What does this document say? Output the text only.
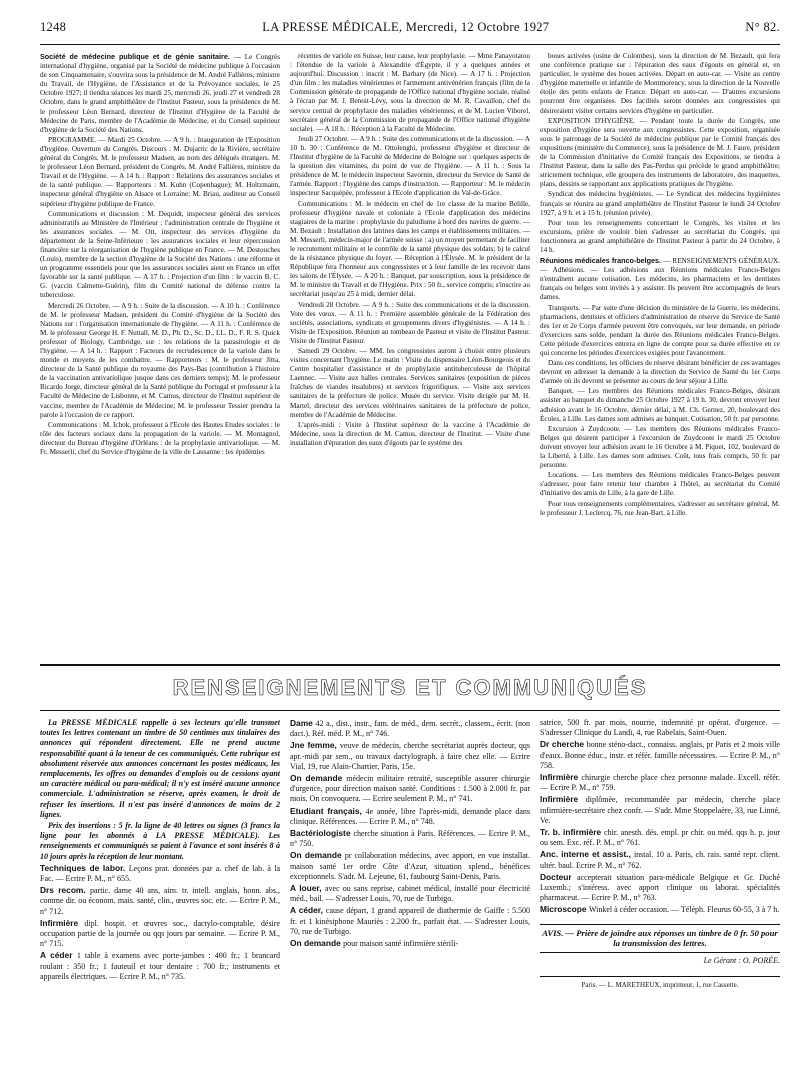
1248	LA PRESSE MÉDICALE, Mercredi, 12 Octobre 1927	N° 82.

Société de médecine publique et de génie sanitaire. — Le Congrès international d'hygiène, organisé par la Société de médecine publique à l'occasion de son Cinquantenaire, s'ouvrira sous la présidence de M. André Fallières, ministre du Travail, de l'Hygiène, de l'Assistance et de la Prévoyance sociales, le 25 Octobre 1927; il tiendra séances les mardi 25, mercredi 26, jeudi 27 et vendredi 28 Octobre, dans le grand amphithéâtre de l'Institut Pasteur, sous la présidence de M. le professeur Léon Bernard, directeur de l'Institut d'Hygiène de la Faculté de Médecine de Paris, membre de l'Académie de Médecine, et du Conseil supérieur d'hygiène de la Société des Nations.

PROGRAMME. — Mardi 25 Octobre. — A 9 h. : Inauguration de l'Exposition d'hygiène. Ouverture du Congrès. Discours : M. Dujarric de la Rivière, secrétaire général du Congrès. M. le professeur Madsen, au nom des délégués étrangers. M. le professeur Léon Bernard, président du Congrès. M. André Fallières, ministre du Travail et de l'Hygiène. — A 14 h. : Rapport : Relations des assurances sociales et de la santé publique. — Rapporteurs : M. Kuhn (Copenhague); M. Holtzmann, inspecteur général d'hygiène en Alsace et Lorraine; M. Briau, auditeur au Conseil supérieur d'hygiène publique de France.

Communications et discussion : M. Dequidt, inspecteur général des services administratifs au Ministère de l'Intérieur : l'administration centrale de l'hygiène et les assurances sociales. — M. Ott, inspecteur des services d'hygiène du département de la Seine-Inférieure : les assurances sociales et leur répercussion financière sur la réorganisation de l'hygiène publique en France. — M. Destouches (Louis), membre de la section d'hygiène de la Société des Nations : une réforme et un programme essentiels pour que les assurances sociales aient en France un effet favorable sur la santé publique. — A 17 h. : Projection d'un film : le vaccin B. C. G. (vaccin Calmette-Guérin), film du Comité national de défense contre la tuberculose.

Mercredi 26 Octobre. — A 9 h. : Suite de la discussion. — A 10 h. : Conférence de M. le professeur Madsen, président du Comité d'hygiène de la Société des Nations sur : l'organisation internationale de l'hygiène. — A 11 h. : Conférence de M. le professeur George H. F. Nuttall, M. D., Ph. D., Sc. D., LL. D., F. R. S. Quick professor of Biology, Cambridge, sur : les relations de la parasitologie et de l'hygiène. — A 14 h. : Rapport : Facteurs de recrudescence de la variole dans le monde et moyens de les combattre. — Rapporteurs : M. le professeur Jitta, directeur de la Santé publique du royaume des Pays-Bas (contribution à l'histoire de la vaccination antivariolique jusque dans ces derniers temps); M. le professeur Ricardo Jorge, directeur général de la Santé publique du Portugal et professeur à la Faculté de Médecine de Lisbonne, et M. Camus, directeur de l'Institut supérieur de vaccine, membre de l'Académie de Médecine; M. le professeur Tessier prendra la parole à l'occasion de ce rapport.

Communications : M. Ichok, professeur à l'Ecole des Hautes Etudes sociales : le rôle des facteurs sociaux dans la propagation de la variole. — M. Montagnol, directeur du Bureau d'hygiène d'Orléans : de la prophylaxie antivariolique. — M. Fr. Messerli, chef du Service d'hygiène de la ville de Lausanne : les épidémies

récentes de variole en Suisse, leur cause, leur prophylaxie. — Mme Panayotatou : l'étendue de la variole à Alexandrie d'Égypte, il y a quelques années et aujourd'hui. Discussion : inscrit : M. Barbary (de Nice). — A 17 h. : Projection d'un film : les maladies vénériennes et l'armement antivénérien français (film de la Commission générale de propagande de l'Office national d'hygiène sociale, réalisé à l'écran par M. J. Benoit-Lévy, sous la direction de M. R. Cavaillon, chef du service central de prophylaxie des maladies vénériennes, et de M. Lucien Viborel, secrétaire général de la Commission de propagande de l'Office national d'hygiène sociale). — A 18 h. : Réception à la Faculté de Médecine.

Jeudi 27 Octobre. — A 9 h. : Suite des communications et de la discussion. — A 10 h. 30 : Conférence de M. Ottolenghi, professeur d'hygiène et directeur de l'Institut d'hygiène de la Faculté de Médecine de Bologne sur : quelques aspects de la question des vitamines, du point de vue de l'hygiène. — A 11 h. : Sous la présidence de M. le médecin inspecteur Savornin, directeur du Service de Santé de l'armée. Rapport : l'hygiène des camps d'instruction. — Rapporteur : M. le médecin inspecteur Sacquépée, professeur à l'Ecole d'application du Val-de-Grâce.

Communications : M. le médecin en chef de 1re classe de la marine Belille, professeur d'hygiène navale et coloniale à l'Ecole d'application des médecins stagiaires de la marine : prophylaxie du paludisme à bord des navires de guerre. — M. Bezault : Installation des latrines dans les camps et établissements militaires. — M. Messerli, médecin-major de l'armée suisse : a) un moyen permettant de faciliter le recrutement militaire et le contrôle de la santé physique des soldats; b) le calcul de la résistance physique du foyer. — Réception à l'Élysée. M. le président de la République fera l'honneur aux congressistes et à leur famille de les recevoir dans les salons de l'Élysée. — A 20 h. : Banquet, par souscription, sous la présidence de M. le ministre du Travail et de l'Hygiène. Prix : 50 fr., service compris; s'inscrire au secrétariat jusqu'au 25 à midi, dernier délai.

Vendredi 28 Octobre. — A 9 h. : Suite des communications et de la discussion. Vote des vœux. — A 11 h. : Première assemblée générale de la Fédération des sociétés, associations, syndicats et groupements divers d'hygiénistes. — A 14 h. : Visite de l'Exposition. Réunion au tombeau de Pasteur et visite de l'Institut Pasteur. Visite de l'Institut Pasteur.

Samedi 29 Octobre. — MM. les congressistes auront à choisir entre plusieurs visites concernant l'hygiène. Le matin : Visite du dispensaire Léon-Bourgeois et du Centre hospitalier d'assistance et de prophylaxie antituberculeuse de l'hôpital Laennec. — Visite aux halles centrales. Services sanitaires (exposition de pièces fraîches de viandes insalubres) et services frigorifiques. — Visite aux services sanitaires de la préfecture de police. Musée du service. Visite dirigée par M. H. Martel, directeur des services vétérinaires sanitaires de la préfecture de police, membre de l'Académie de Médecine.

L'après-midi : Visite à l'Institut supérieur de la vaccine à l'Académie de Médecine, sous la direction de M. Camus, directeur de l'Institut. — Visite d'une installation d'épuration des eaux d'égouts par le système des

boues activées (usine de Colombes), sous la direction de M. Bezault, qui fera une conférence pratique sur : l'épuration des eaux d'égouts en général et, en particulier, le système des boues activées. Départ en auto-car. — Visite au centre d'hygiène maternelle et infantile de Montmorency, sous la direction de la Nouvelle étoile des petits enfants de France. Départ en auto-car. — D'autres excursions pourront être organisées. Des facilités seront données aux congressistes qui désireraient visiter certains services d'hygiène en particulier.

EXPOSITION D'HYGIÈNE. — Pendant toute la durée du Congrès, une exposition d'hygiène sera ouverte aux congressistes. Cette exposition, organisée sous le patronage de la Société de médecine publique par le Comité français des expositions (ministère du Commerce), sous la présidence de M. J. Faure, président de la Commission d'initiative du Comité français des Expositions, se tiendra à l'Institut Pasteur, dans la salle des Pas-Perdus qui précède le grand amphithéâtre; strictement technique, elle groupera des instruments de laboratoire, des maquettes, plans, dessins se rapportant aux applications pratiques de l'hygiène.

Syndicat des médecins hygiénistes. — Le Syndicat des médecins hygiénistes français se réunira au grand amphithéâtre de l'Institut Pasteur le lundi 24 Octobre 1927, à 9 h. et à 15 h. (réunion privée).

Pour tous les renseignements concernant le Congrès, les visites et les excursions, prière de vouloir bien s'adresser au secrétariat du Congrès, qui fonctionnera au grand amphithéâtre de l'Institut Pasteur à partir du 24 Octobre, à 14 h.

Réunions médicales franco-belges. — RENSEIGNEMENTS GÉNÉRAUX. — Adhésions. — Les adhésions aux Réunions médicales Franco-Belges n'entraînent aucune cotisation. Les médecins, les pharmaciens et les dentistes français ou belges sont invités à y assister. Ils peuvent être accompagnés de leurs dames.

Transports. — Par suite d'une décision du ministère de la Guerre, les médecins, pharmaciens, dentistes et officiers d'administration de réserve du Service de Santé des 1er et 2e Corps d'armée peuvent être convoqués, sur leur demande, en période d'exercices sans solde, pendant la durée des Réunions médicales Franco-Belges. Cette période d'exercices entrera en ligne de compte pour sa durée effective en ce qui concerne les périodes d'exercices exigées pour l'avancement.

Dans ces conditions, les officiers de réserve désirant bénéficier de ces avantages devront en adresser la demande à la direction du Service de Santé du 1er Corps d'armée où ils devront se présenter au cours de leur séjour à Lille.

Banquet. — Les membres des Réunions médicales Franco-Belges, désirant assister au banquet du dimanche 25 Octobre 1927 à 19 h. 30, devront envoyer leur adhésion avant le 16 Octobre, dernier délai, à M. Ch. Gernez, 20, boulevard des Écoles, à Lille. Les dames sont admises au banquet. Cotisation, 50 fr. par personne.

Excursion à Zuydcoote. — Les membres des Réunions médicales Franco-Belges qui désirent participer à l'excursion de Zuydcoote le mardi 25 Octobre doivent envoyer leur adhésion avant le 16 Octobre à M. Piquet, 102, boulevard de la Liberté, à Lille. Les dames sont admises. Coût, tous frais compris, 50 fr. par personne.

Locations. — Les membres des Réunions médicales Franco-Belges peuvent s'adresser, pour faire retenir leur chambre à l'hôtel, au secrétariat du Comité d'initiative des amis de Lille, à la gare de Lille.

Pour tous renseignements complémentaires, s'adresser au secrétaire général, M. le professeur J. Leclercq, 76, rue Jean-Bart, à Lille.

RENSEIGNEMENTS ET COMMUNIQUÉS

La PRESSE MÉDICALE rappelle à ses lecteurs qu'elle transmet toutes les lettres contenant un timbre de 50 centimes aux titulaires des annonces qui répondent directement. Elle ne prend aucune responsabilité quant à la teneur de ces communiqués. Cette rubrique est absolument réservée aux annonces concernant les postes médicaux, les remplacements, les offres ou demandes d'emplois ou de cessions ayant un caractère médical ou para-médical; il n'y est inséré aucune annonce commerciale. L'administration se réserve, après examen, le droit de refuser les insertions. Il n'est pas inséré d'annonces de moins de 2 lignes.

Prix des insertions : 5 fr. la ligne de 40 lettres ou signes (3 francs la ligne pour les abonnés à LA PRESSE MÉDICALE). Les renseignements et communiqués se paient à l'avance et sont insérés 8 à 10 jours après la réception de leur montant.

Techniques de labor. Leçons prat. données par a. chef de lab. à la Fac. — Ecrire P. M., n° 655.

Drs recom. partic. dame 40 ans, aim. tr. intell. anglais, honn. abs., comme dir. ou économ. mais. santé, clin., œuvres soc. etc. — Ecrire P. M., n° 712.

Infirmière dipl. hospit. et œuvres soc., dactylo-comptable, désire occupation partie de la journée ou qqs jours par semaine. — Ecrire P. M., n° 715.

A céder 1 table à examens avec porte-jambes : 400 fr.; 1 brancard roulant : 350 fr.; 1 fauteuil et tour dentaire : 700 fr.; instruments et appareils électriques. — Ecrire P. M., n° 735.

Dame 42 a., dist., instr., fam. de méd., dem. secrét., classem., écrit. (non dact.). Réf. méd. P. M., n° 746.

Jne femme, veuve de médecin, cherche secrétariat auprès docteur, qqs apr.-midi par sem., ou travaux dactylograph. à faire chez elle. — Ecrire Vial, 19, rue Alain-Chartier, Paris, 15e.

On demande médecin militaire retraité, susceptible assurer chirurgie d'urgence, pour direction maison santé. Conditions : 1.500 à 2.000 fr. par mois. On convoquera. — Ecrire seulement P. M., n° 741.

Etudiant français, 4e année, libre l'après-midi, demande place dans clinique. Références. — Ecrire P. M., n° 748.

Bactériologiste cherche situation à Paris. Références. — Ecrire P. M., n° 750.

On demande pr collaboration médecins, avec apport, en vue installat. maison santé 1er ordre Côte d'Azur, situation splend., bénéfices exceptionnels. S'adr. M. Lejeune, 61, faubourg Saint-Denis, Paris.

A louer, avec ou sans reprise, cabinet médical, installé pour électricité méd., bail. — S'adresser Louis, 70, rue de Turbigo.

A céder, cause départ, 1 grand appareil de diathermie de Gaiffe : 5.500 fr. et 1 kinésiphone Mauriès : 2.200 fr., parfait état. — S'adresser Louis, 70, rue de Turbigo.

On demande pour maison santé infirmière stérili-

satrice, 500 fr. par mois, nourrie, indemnité pr opérat. d'urgence. — S'adresser Clinique du Landi, 4, rue Rabelais, Saint-Ouen.

Dr cherche bonne sténo-dact., connaiss. anglais, pr Paris et 2 mois ville d'eaux. Bonne éduc., instr. et référ. famille nécessaires. — Ecrire P. M., n° 758.

Infirmière chirurgie cherche place chez personne malade. Excell. référ. — Ecrire P. M., n° 759.

Infirmière diplômée, recommandée par médecin, cherche place infirmière-secrétaire chez confr. — S'adr. Mme Stoppelaère, 33, rue Linné, Ve.

Tr. b. infirmière chir. anesth. dés. empl. pr chir. ou méd. qqs h. p. jour ou sem. Exc. réf. P. M., n° 761.

Anc. interne et assist., instal. 10 a. Paris, ch. rais. santé repr. client. ultér. baul. Ecrire P. M., n° 762.

Docteur accepterait situation para-médicale Belgique et Gr. Duché Luxemb.; s'intéress. avec apport clinique ou laborat. spécialités pharmaceut. — Ecrire P. M., n° 763.

Microscope Winkel à céder occasion. — Téléph. Fleurus 60-55, 3 à 7 h.

AVIS. — Prière de joindre aux réponses un timbre de 0 fr. 50 pour la transmission des lettres.
Le Gérant : O. PORÉE.
Paris. — L. MARETHEUX, imprimeur, 1, rue Cassette.
